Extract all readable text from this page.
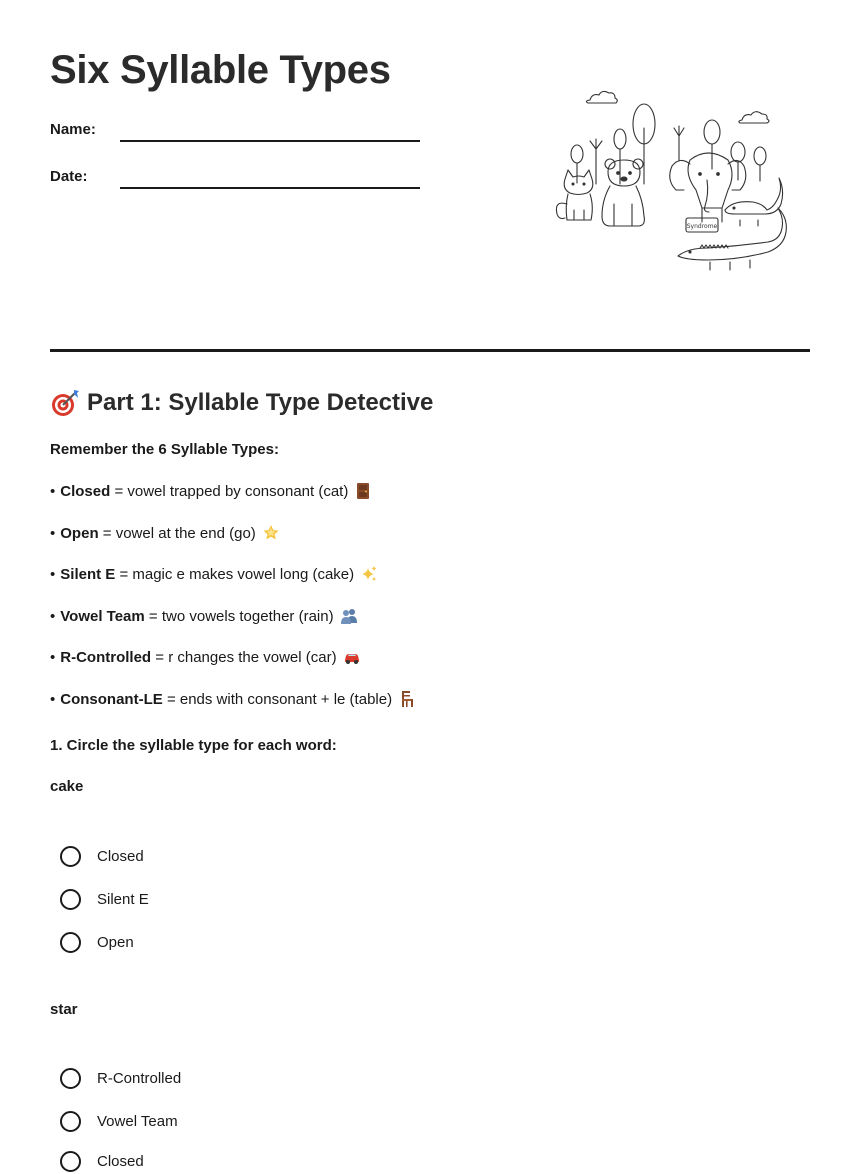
Six Syllable Types
Name:
Date:
Syndrome
Part 1: Syllable Type Detective
Remember the 6 Syllable Types:
• Closed
= vowel trapped by consonant (cat)
• Open
= vowel at the end (go)
• Silent E
= magic e makes vowel long (cake)
• Vowel Team
= two vowels together (rain)
• R-Controlled
= r changes the vowel (car)
• Consonant-LE
= ends with consonant + le (table)
1. Circle the syllable type for each word:
cake
Closed
Silent E
Open
star
R-Controlled
Vowel Team
Closed
